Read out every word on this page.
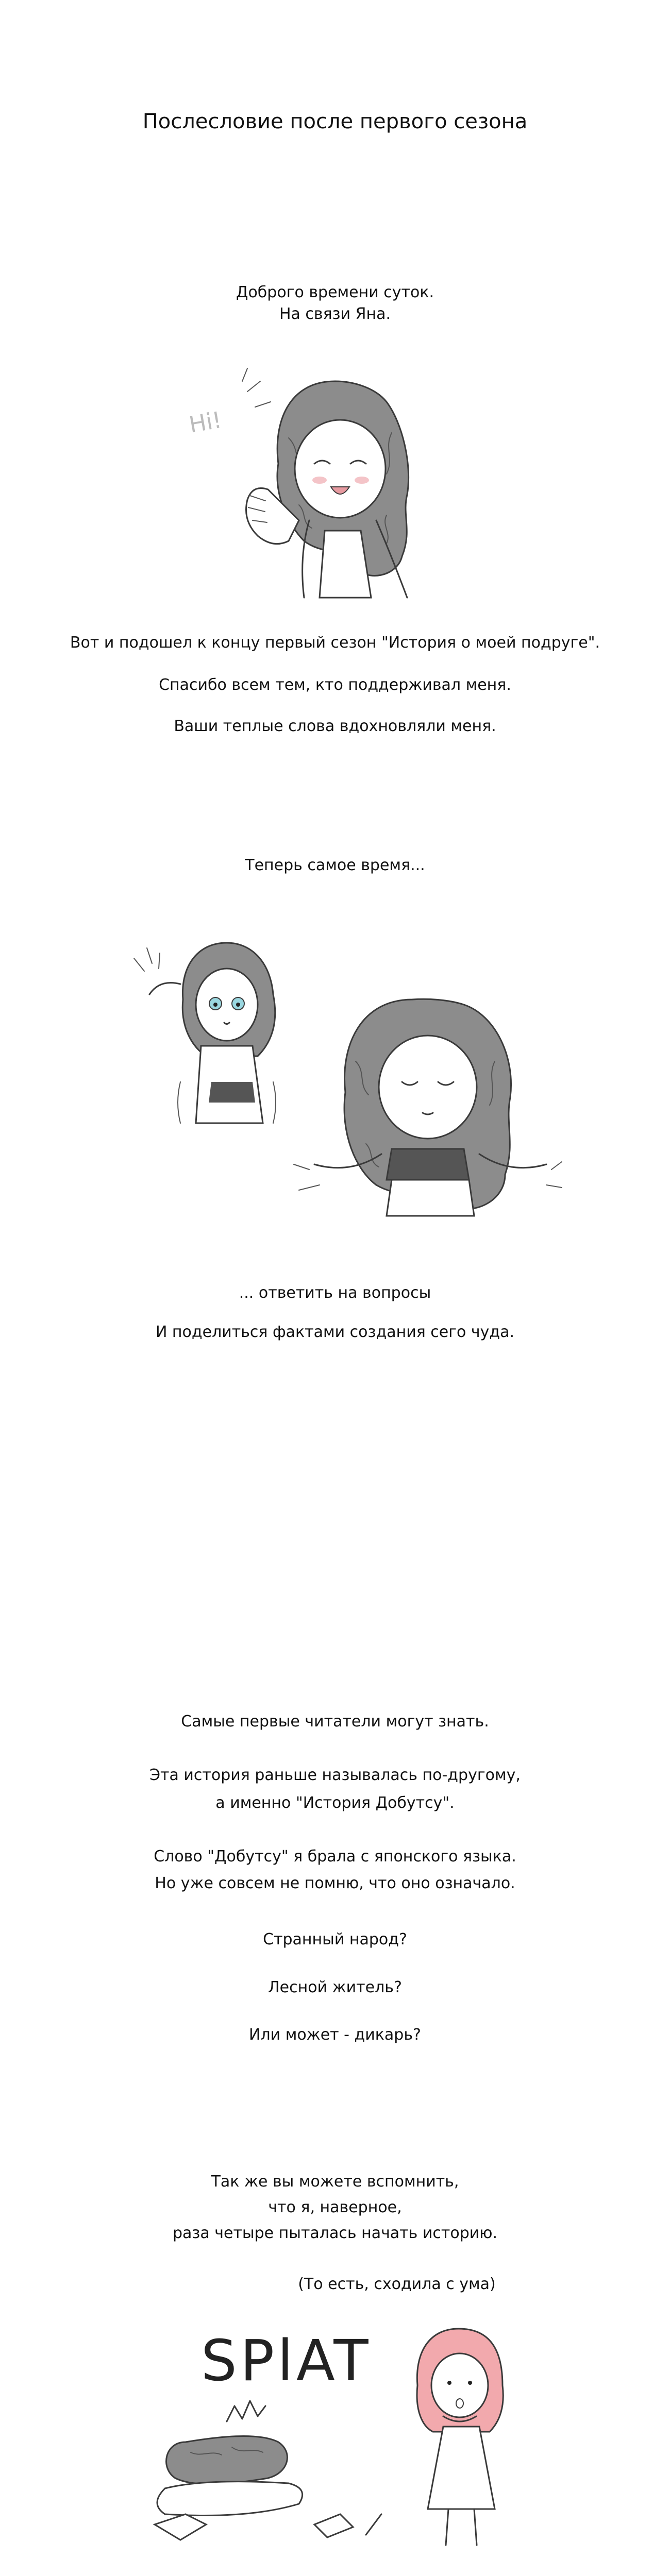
Послесловие после первого сезона
Доброго времени суток.
На связи Яна.
Hi!
Вот и подошел к концу первый сезон "История о моей подруге".
Спасибо всем тем, кто поддерживал меня.
Ваши теплые слова вдохновляли меня.
Теперь самое время...
... ответить на вопросы
И поделиться фактами создания сего чуда.
Самые первые читатели могут знать.
Эта история раньше называлась по-другому,
а именно "История Добутсу".
Слово "Добутсу" я брала с японского языка.
Но уже совсем не помню, что оно означало.
Странный народ?
Лесной житель?
Или может - дикарь?
Так же вы можете вспомнить,
что я, наверное,
раза четыре пыталась начать историю.
(То есть, сходила с ума)
SPlAT
